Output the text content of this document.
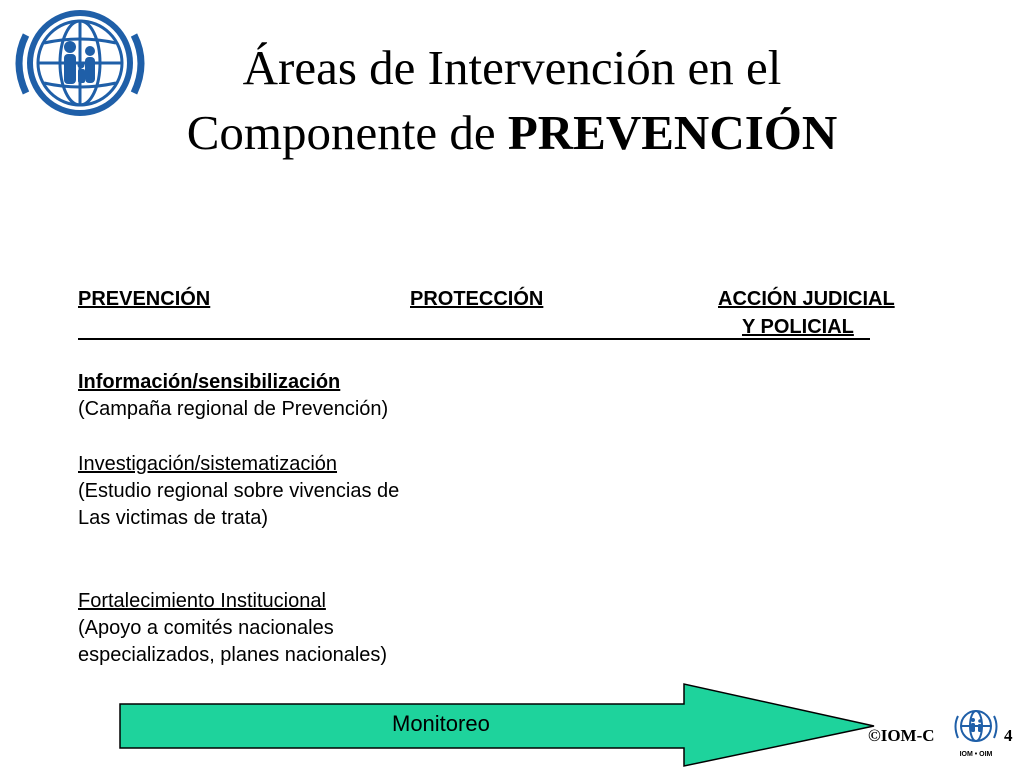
Áreas de Intervención en el
Componente de PREVENCIÓN
PREVENCIÓN	PROTECCIÓN	ACCIÓN JUDICIAL
Y POLICIAL
Información/sensibilización
(Campaña regional de Prevención)
Investigación/sistematización
(Estudio regional sobre vivencias de
Las victimas de trata)
Fortalecimiento Institucional
(Apoyo a comités nacionales
especializados, planes nacionales)
Monitoreo	©IOM-C	4
IOM • OIM
